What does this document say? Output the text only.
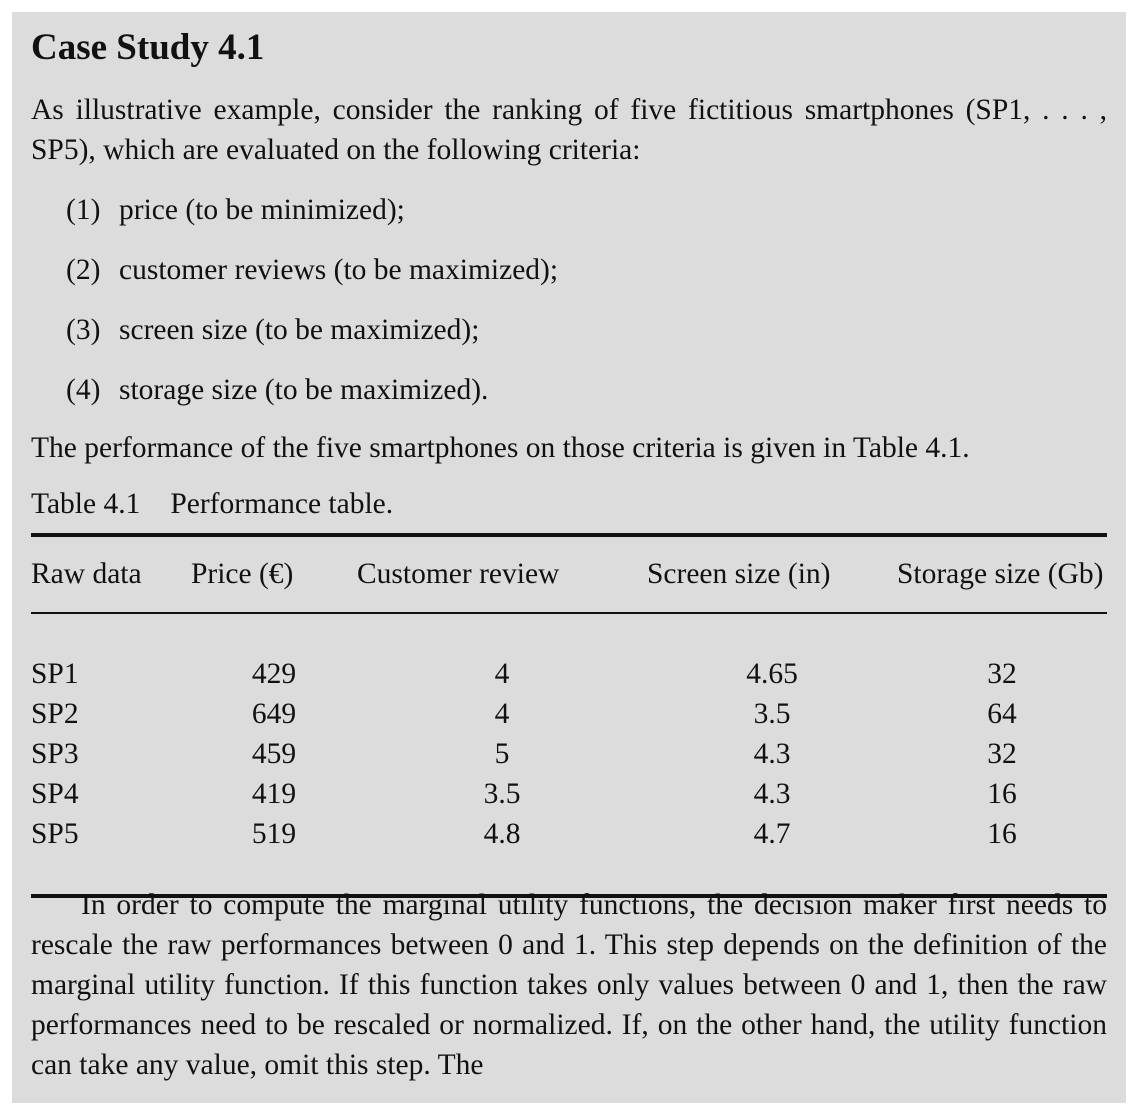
Case Study 4.1

As illustrative example, consider the ranking of five fictitious smartphones (SP1, . . . , SP5), which are evaluated on the following criteria:

(1) price (to be minimized);
(2) customer reviews (to be maximized);
(3) screen size (to be maximized);
(4) storage size (to be maximized).
The performance of the five smartphones on those criteria is given in Table 4.1.
Table 4.1 Performance table.
Raw data	Price (€)	Customer review	Screen size (in)	Storage size (Gb)

SP1	429	4	4.65	32
SP2	649	4	3.5	64
SP3	459	5	4.3	32
SP4	419	3.5	4.3	16
SP5	519	4.8	4.7	16

In order to compute the marginal utility functions, the decision maker first needs to rescale the raw performances between 0 and 1. This step depends on the definition of the marginal utility function. If this function takes only values between 0 and 1, then the raw performances need to be rescaled or normalized. If, on the other hand, the utility function can take any value, omit this step. The
